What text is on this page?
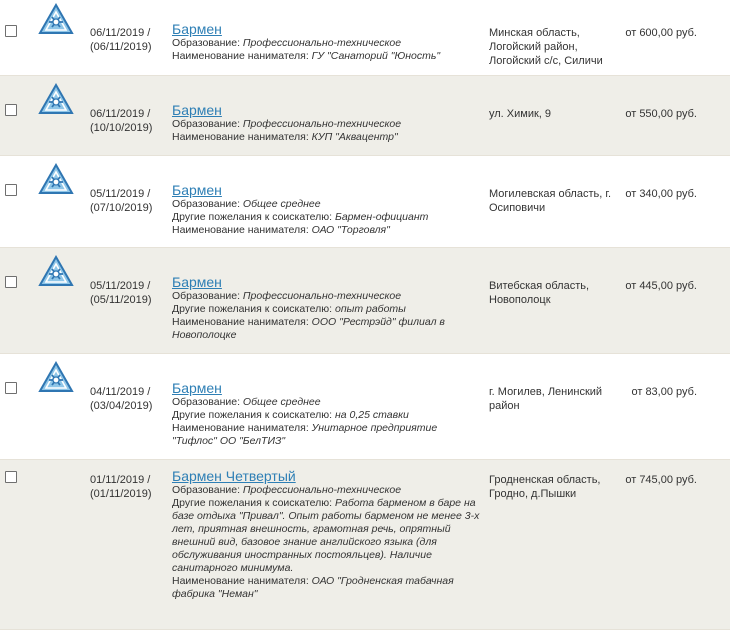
06/11/2019 /
(06/11/2019)
Бармен
Образование: Профессионально-техническое
Наименование нанимателя: ГУ "Санаторий "Юность"
Минская область, Логойский район, Логойский с/с, Силичи
от 600,00 руб.
06/11/2019 /
(10/10/2019)
Бармен
Образование: Профессионально-техническое
Наименование нанимателя: КУП "Аквацентр"
ул. Химик, 9	от 550,00 руб.
05/11/2019 /
(07/10/2019)
Бармен
Образование: Общее среднее
Другие пожелания к соискателю: Бармен-официант
Наименование нанимателя: ОАО "Торговля"
Могилевская область, г. Осиповичи
от 340,00 руб.
05/11/2019 /
(05/11/2019)
Бармен
Образование: Профессионально-техническое
Другие пожелания к соискателю: опыт работы
Наименование нанимателя: ООО "Рестрэйд" филиал в Новополоцке
Витебская область, Новополоцк
от 445,00 руб.
04/11/2019 /
(03/04/2019)
Бармен
Образование: Общее среднее
Другие пожелания к соискателю: на 0,25 ставки
Наименование нанимателя: Унитарное предприятие "Тифлос" ОО "БелТИЗ"
г. Могилев, Ленинский район
от 83,00 руб.
01/11/2019 /
(01/11/2019)
Бармен Четвертый
Образование: Профессионально-техническое
Другие пожелания к соискателю: Работа барменом в баре на базе отдыха "Привал". Опыт работы барменом не менее 3-х лет, приятная внешность, грамотная речь, опрятный внешний вид, базовое знание английского языка (для обслуживания иностранных постояльцев). Наличие санитарного минимума.
Наименование нанимателя: ОАО "Гродненская табачная фабрика "Неман"
Гродненская область, Гродно, д.Пышки
от 745,00 руб.
